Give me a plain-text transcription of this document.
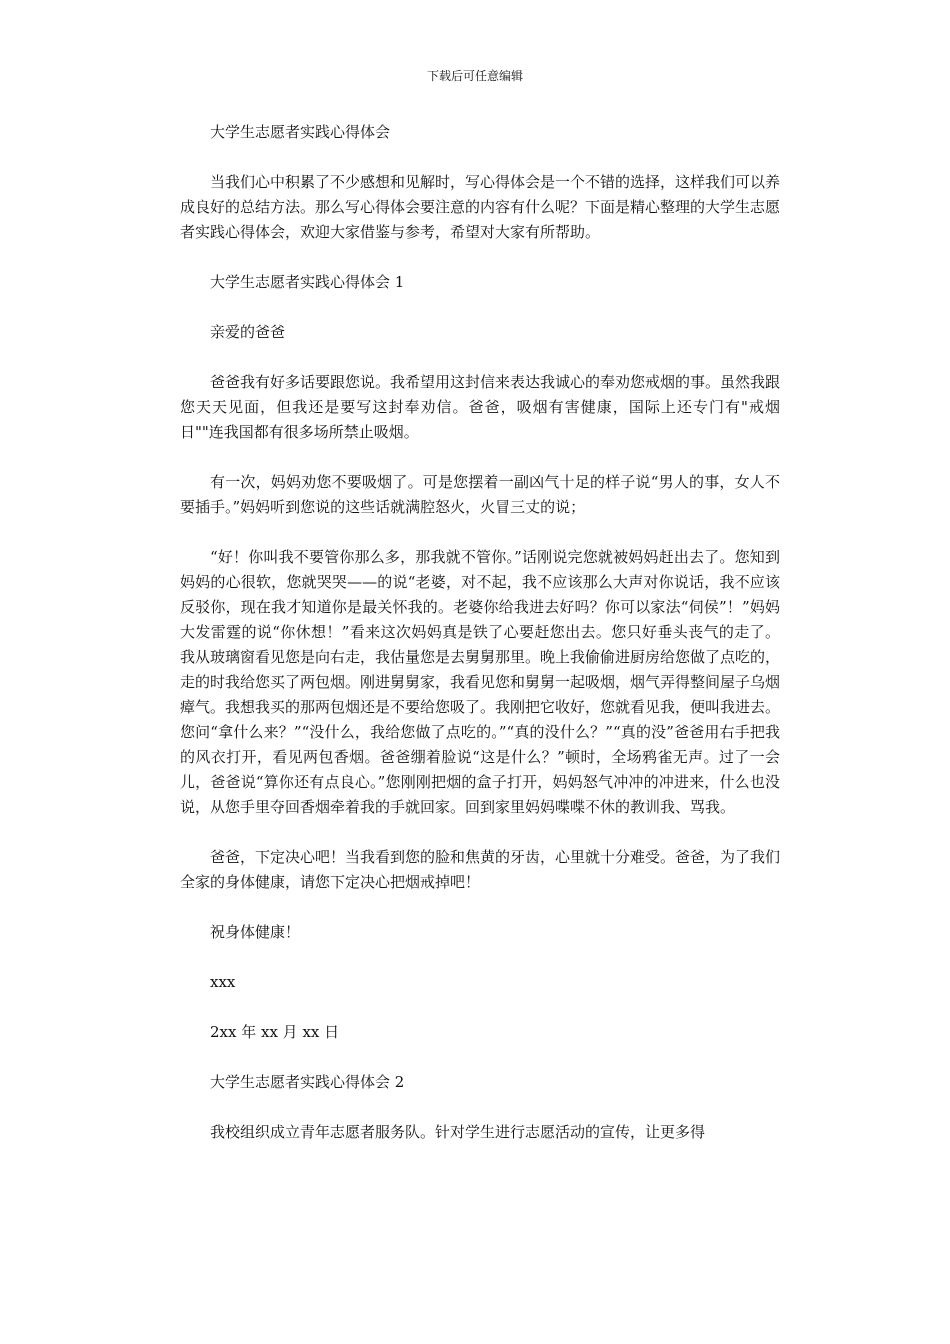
下载后可任意编辑

大学生志愿者实践心得体会

当我们心中积累了不少感想和见解时，写心得体会是一个不错的选择，这样我们可以养成良好的总结方法。那么写心得体会要注意的内容有什么呢？下面是精心整理的大学生志愿者实践心得体会，欢迎大家借鉴与参考，希望对大家有所帮助。

大学生志愿者实践心得体会 1

亲爱的爸爸

爸爸我有好多话要跟您说。我希望用这封信来表达我诚心的奉劝您戒烟的事。虽然我跟您天天见面，但我还是要写这封奉劝信。爸爸，吸烟有害健康，国际上还专门有"戒烟日""连我国都有很多场所禁止吸烟。

有一次，妈妈劝您不要吸烟了。可是您摆着一副凶气十足的样子说“男人的事，女人不要插手。”妈妈听到您说的这些话就满腔怒火，火冒三丈的说；

“好！你叫我不要管你那么多，那我就不管你。”话刚说完您就被妈妈赶出去了。您知到妈妈的心很软，您就哭哭——的说“老婆，对不起，我不应该那么大声对你说话，我不应该反驳你，现在我才知道你是最关怀我的。老婆你给我进去好吗？你可以家法“伺侯”！”妈妈大发雷霆的说“你休想！”看来这次妈妈真是铁了心要赶您出去。您只好垂头丧气的走了。我从玻璃窗看见您是向右走，我估量您是去舅舅那里。晚上我偷偷进厨房给您做了点吃的，走的时我给您买了两包烟。刚进舅舅家，我看见您和舅舅一起吸烟，烟气弄得整间屋子乌烟瘴气。我想我买的那两包烟还是不要给您吸了。我刚把它收好，您就看见我，便叫我进去。您问“拿什么来？”“没什么，我给您做了点吃的。”“真的没什么？”“真的没”爸爸用右手把我的风衣打开，看见两包香烟。爸爸绷着脸说“这是什么？”顿时，全场鸦雀无声。过了一会儿，爸爸说“算你还有点良心。”您刚刚把烟的盒子打开，妈妈怒气冲冲的冲进来，什么也没说，从您手里夺回香烟牵着我的手就回家。回到家里妈妈喋喋不休的教训我、骂我。

爸爸，下定决心吧！当我看到您的脸和焦黄的牙齿，心里就十分难受。爸爸，为了我们全家的身体健康，请您下定决心把烟戒掉吧！

祝身体健康！

xxx

2xx 年 xx 月 xx 日

大学生志愿者实践心得体会 2

我校组织成立青年志愿者服务队。针对学生进行志愿活动的宣传，让更多得
